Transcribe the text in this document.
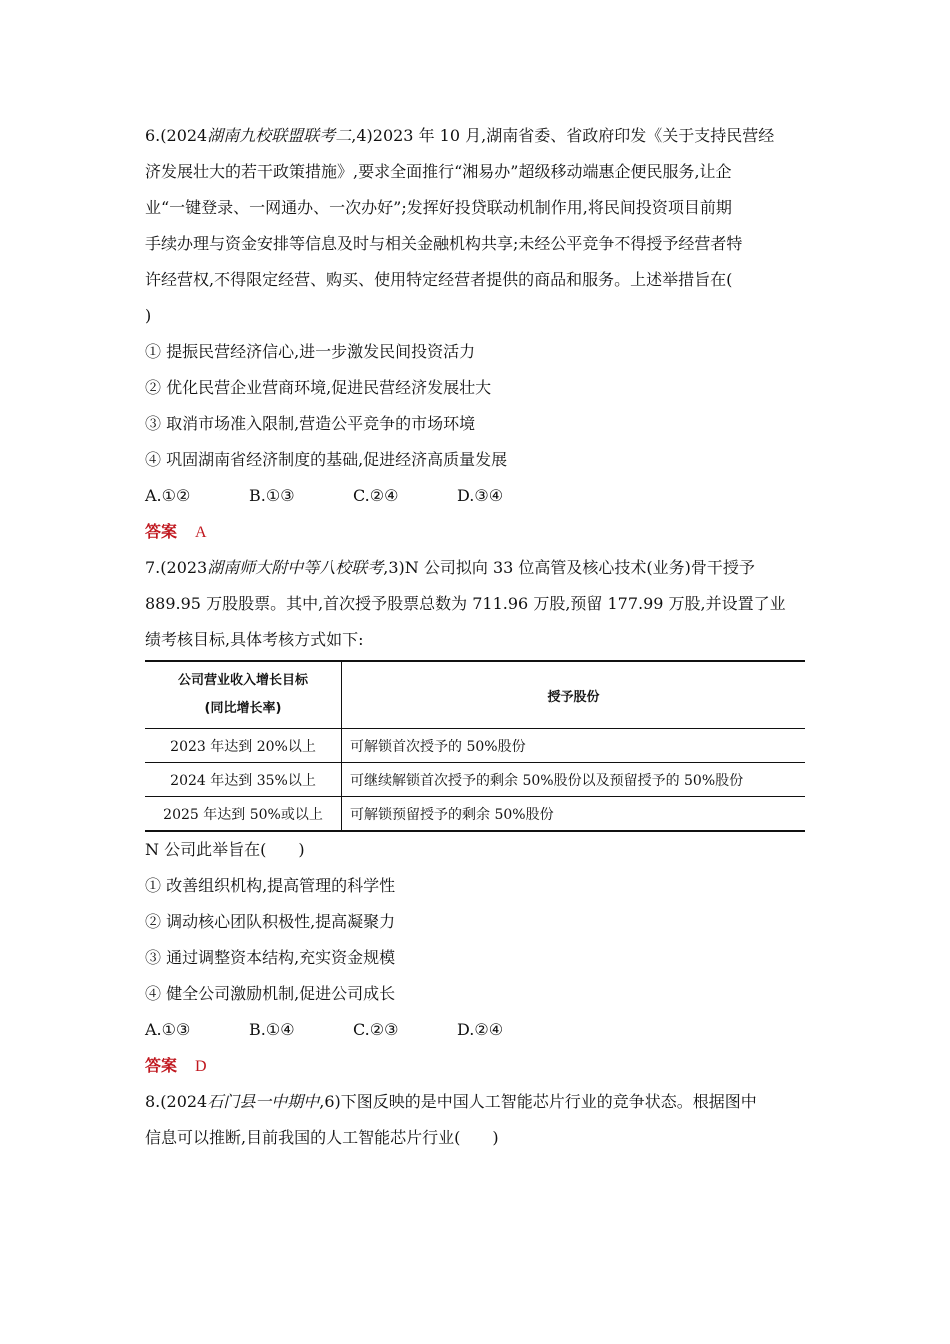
6.(2024湖南九校联盟联考二,4)2023 年 10 月,湖南省委、省政府印发《关于支持民营经
济发展壮大的若干政策措施》,要求全面推行“湘易办”超级移动端惠企便民服务,让企
业“一键登录、一网通办、一次办好”;发挥好投贷联动机制作用,将民间投资项目前期
手续办理与资金安排等信息及时与相关金融机构共享;未经公平竞争不得授予经营者特
许经营权,不得限定经营、购买、使用特定经营者提供的商品和服务。上述举措旨在(
)
① 提振民营经济信心,进一步激发民间投资活力
② 优化民营企业营商环境,促进民营经济发展壮大
③ 取消市场准入限制,营造公平竞争的市场环境
④ 巩固湖南省经济制度的基础,促进经济高质量发展
A.①②	B.①③	C.②④	D.③④
答案 A
7.(2023湖南师大附中等八校联考,3)N 公司拟向 33 位高管及核心技术(业务)骨干授予
889.95 万股股票。其中,首次授予股票总数为 711.96 万股,预留 177.99 万股,并设置了业
绩考核目标,具体考核方式如下:
公司营业收入增长目标
(同比增长率)	授予股份
2023 年达到 20%以上	可解锁首次授予的 50%股份
2024 年达到 35%以上	可继续解锁首次授予的剩余 50%股份以及预留授予的 50%股份
2025 年达到 50%或以上	可解锁预留授予的剩余 50%股份
N 公司此举旨在(　　)
① 改善组织机构,提高管理的科学性
② 调动核心团队积极性,提高凝聚力
③ 通过调整资本结构,充实资金规模
④ 健全公司激励机制,促进公司成长
A.①③	B.①④	C.②③	D.②④
答案 D
8.(2024石门县一中期中,6)下图反映的是中国人工智能芯片行业的竞争状态。根据图中
信息可以推断,目前我国的人工智能芯片行业(　　)
